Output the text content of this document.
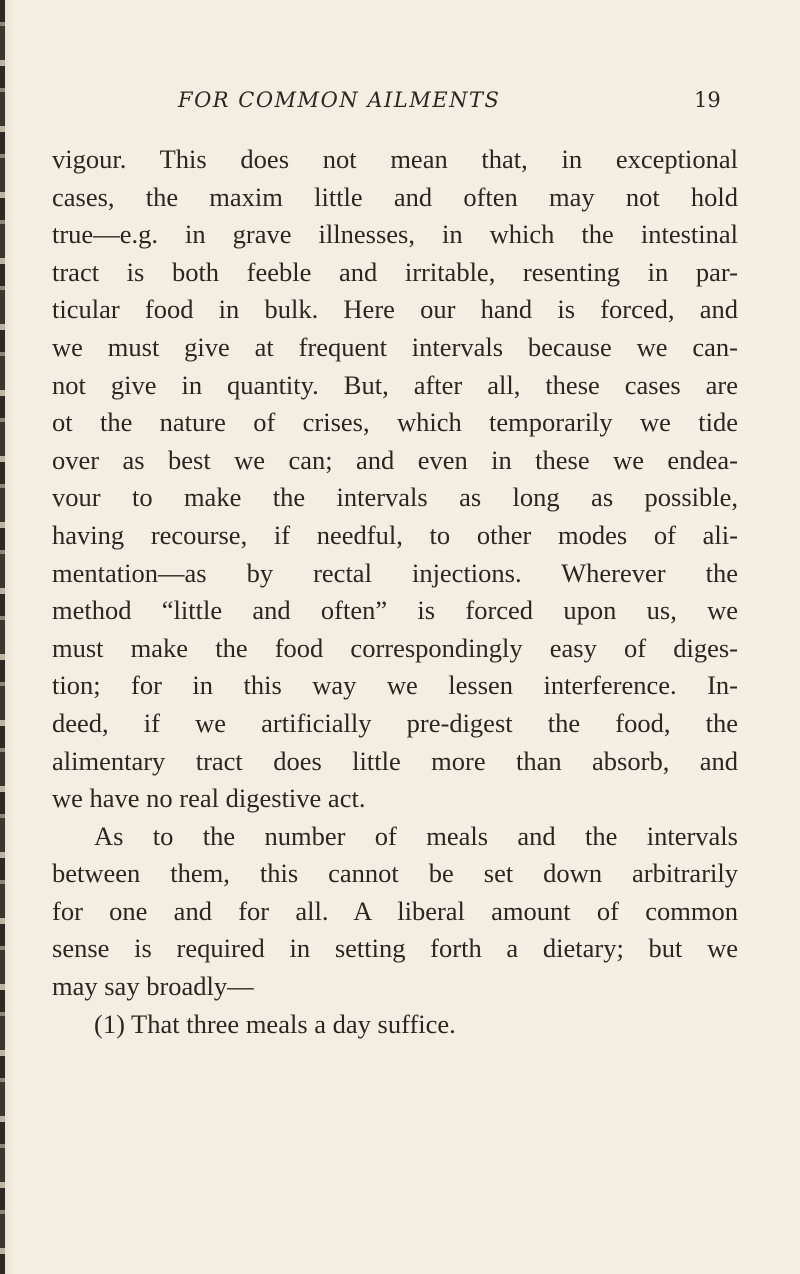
FOR COMMON AILMENTS	19
vigour. This does not mean that, in exceptional
cases, the maxim little and often may not hold
true—e.g. in grave illnesses, in which the intestinal
tract is both feeble and irritable, resenting in par-
ticular food in bulk. Here our hand is forced, and
we must give at frequent intervals because we can-
not give in quantity. But, after all, these cases are
ot the nature of crises, which temporarily we tide
over as best we can; and even in these we endea-
vour to make the intervals as long as possible,
having recourse, if needful, to other modes of ali-
mentation—as by rectal injections. Wherever the
method “little and often” is forced upon us, we
must make the food correspondingly easy of diges-
tion; for in this way we lessen interference. In-
deed, if we artificially pre-digest the food, the
alimentary tract does little more than absorb, and
we have no real digestive act.
As to the number of meals and the intervals
between them, this cannot be set down arbitrarily
for one and for all. A liberal amount of common
sense is required in setting forth a dietary; but we
may say broadly—
(1) That three meals a day suffice.
